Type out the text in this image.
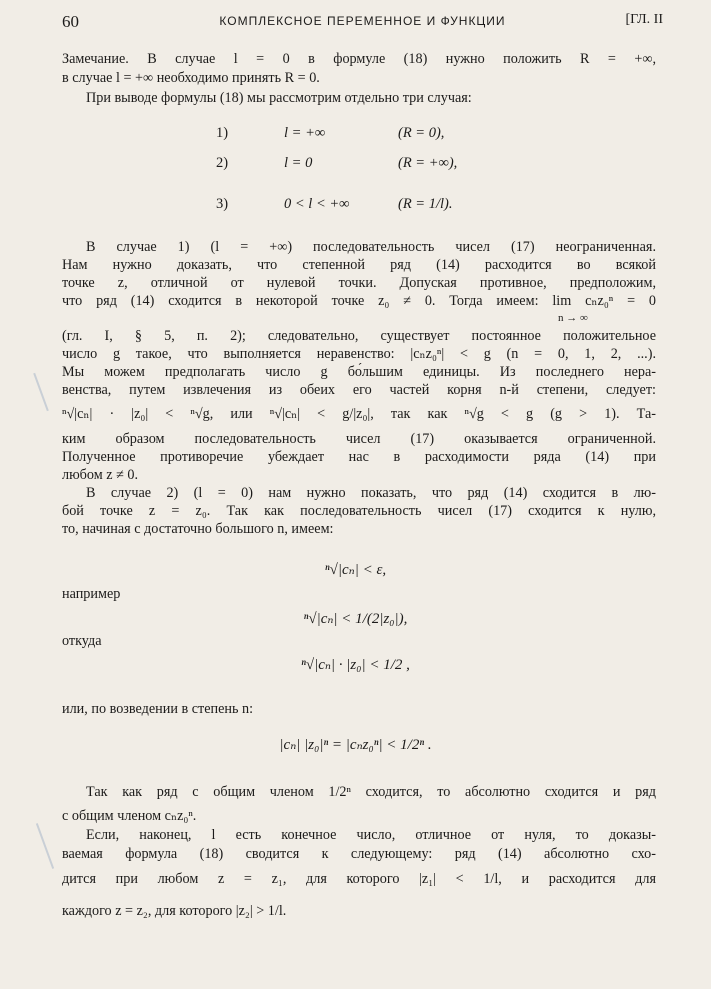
60	КОМПЛЕКСНОЕ ПЕРЕМЕННОЕ И ФУНКЦИИ	[ГЛ. II
Замечание. В случае l = 0 в формуле (18) нужно положить R = +∞,
в случае l = +∞ необходимо принять R = 0.
При выводе формулы (18) мы рассмотрим отдельно три случая:
1)	l = +∞	(R = 0),
2)	l = 0	(R = +∞),
3)	0 < l < +∞	(R = 1/l).
В случае 1) (l = +∞) последовательность чисел (17) неограниченная.
Нам нужно доказать, что степенной ряд (14) расходится во всякой
точке z, отличной от нулевой точки. Допуская противное, предположим,
что ряд (14) сходится в некоторой точке z₀ ≠ 0. Тогда имеем: lim cₙz₀ⁿ = 0
n → ∞
(гл. I, § 5, п. 2); следовательно, существует постоянное положительное
число g такое, что выполняется неравенство: |cₙz₀ⁿ| < g (n = 0, 1, 2, ...).
Мы можем предполагать число g бо́льшим единицы. Из последнего нера-
венства, путем извлечения из обеих его частей корня n-й степени, следует:
ⁿ√|cₙ| · |z₀| < ⁿ√g, или ⁿ√|cₙ| < g/|z₀|, так как ⁿ√g < g (g > 1). Та-
ким образом последовательность чисел (17) оказывается ограниченной.
Полученное противоречие убеждает нас в расходимости ряда (14) при
любом z ≠ 0.
В случае 2) (l = 0) нам нужно показать, что ряд (14) сходится в лю-
бой точке z = z₀. Так как последовательность чисел (17) сходится к нулю,
то, начиная с достаточно большого n, имеем:
ⁿ√|cₙ| < ε,
например
ⁿ√|cₙ| < 1/(2|z₀|),
откуда
ⁿ√|cₙ| · |z₀| < 1/2 ,
или, по возведении в степень n:
|cₙ| |z₀|ⁿ = |cₙz₀ⁿ| < 1/2ⁿ .
Так как ряд с общим членом 1/2ⁿ сходится, то абсолютно сходится и ряд
с общим членом cₙz₀ⁿ.
Если, наконец, l есть конечное число, отличное от нуля, то доказы-
ваемая формула (18) сводится к следующему: ряд (14) абсолютно схо-
дится при любом z = z₁, для которого |z₁| < 1/l, и расходится для
каждого z = z₂, для которого |z₂| > 1/l.
